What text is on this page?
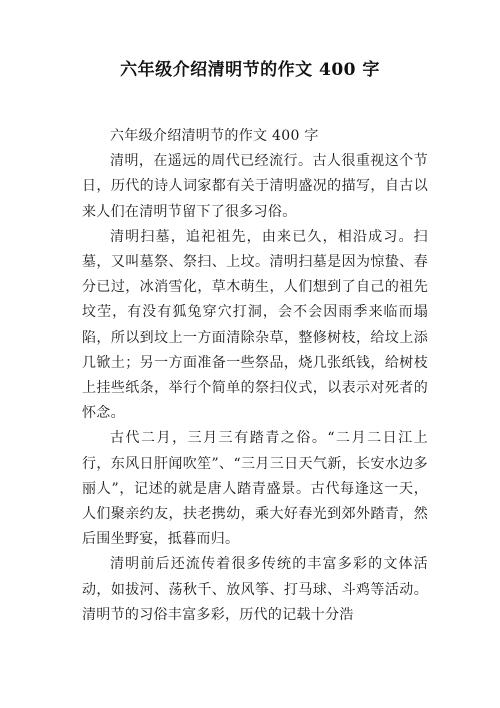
六年级介绍清明节的作文 400 字

六年级介绍清明节的作文 400 字

清明，在遥远的周代已经流行。古人很重视这个节日，历代的诗人词家都有关于清明盛况的描写，自古以来人们在清明节留下了很多习俗。

清明扫墓，追祀祖先，由来已久，相沿成习。扫墓，又叫墓祭、祭扫、上坟。清明扫墓是因为惊蛰、春分已过，冰消雪化，草木萌生，人们想到了自己的祖先坟茔，有没有狐兔穿穴打洞，会不会因雨季来临而塌陷，所以到坟上一方面清除杂草，整修树枝，给坟上添几锨土；另一方面准备一些祭品，烧几张纸钱，给树枝上挂些纸条，举行个简单的祭扫仪式，以表示对死者的怀念。

古代二月，三月三有踏青之俗。“二月二日江上行，东风日肝闻吹笙”、“三月三日天气新，长安水边多丽人”，记述的就是唐人踏青盛景。古代每逢这一天，人们聚亲约友，扶老携幼，乘大好春光到郊外踏青，然后围坐野宴，抵暮而归。

清明前后还流传着很多传统的丰富多彩的文体活动，如拔河、荡秋千、放风筝、打马球、斗鸡等活动。清明节的习俗丰富多彩，历代的记载十分浩
